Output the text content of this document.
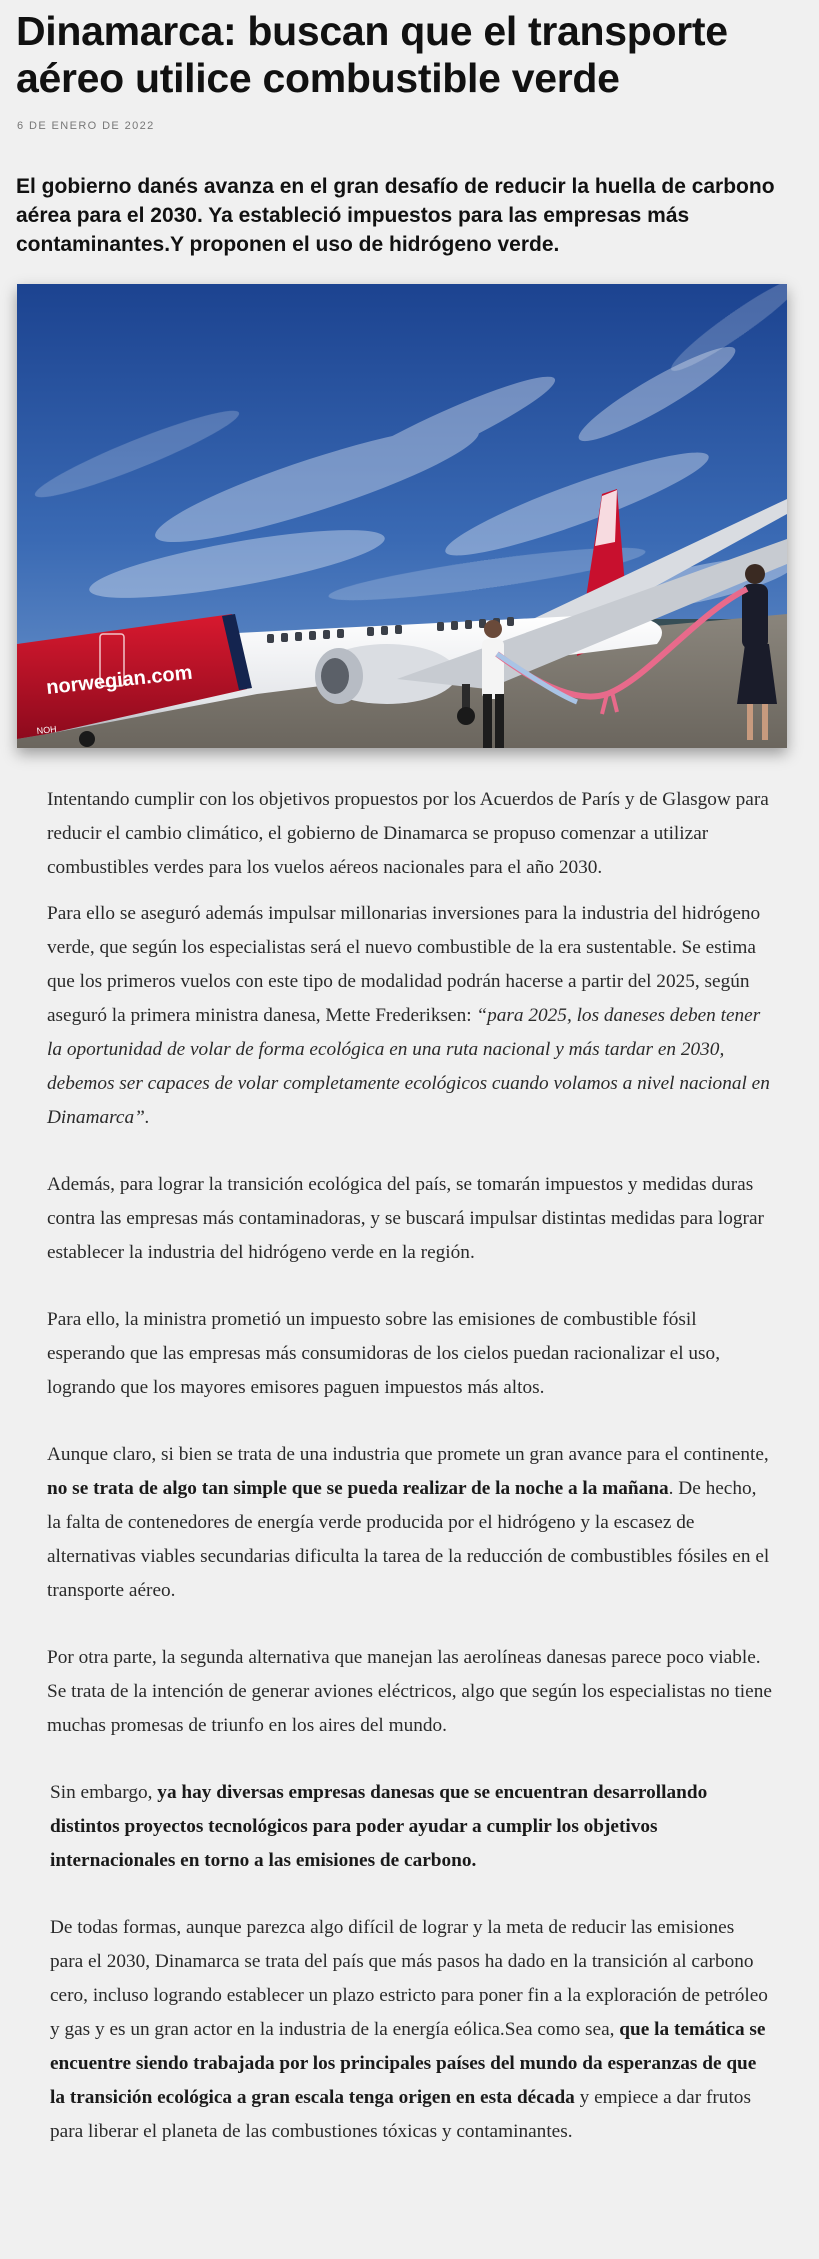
Dinamarca: buscan que el transporte aéreo utilice combustible verde
6 DE ENERO DE 2022

El gobierno danés avanza en el gran desafío de reducir la huella de carbono aérea para el 2030. Ya estableció impuestos para las empresas más contaminantes.Y proponen el uso de hidrógeno verde.

norwegian.com
NOH

Intentando cumplir con los objetivos propuestos por los Acuerdos de París y de Glasgow para reducir el cambio climático, el gobierno de Dinamarca se propuso comenzar a utilizar combustibles verdes para los vuelos aéreos nacionales para el año 2030.

Para ello se aseguró además impulsar millonarias inversiones para la industria del hidrógeno verde, que según los especialistas será el nuevo combustible de la era sustentable. Se estima que los primeros vuelos con este tipo de modalidad podrán hacerse a partir del 2025, según aseguró la primera ministra danesa, Mette Frederiksen: “para 2025, los daneses deben tener la oportunidad de volar de forma ecológica en una ruta nacional y más tardar en 2030, debemos ser capaces de volar completamente ecológicos cuando volamos a nivel nacional en Dinamarca”.

Además, para lograr la transición ecológica del país, se tomarán impuestos y medidas duras contra las empresas más contaminadoras, y se buscará impulsar distintas medidas para lograr establecer la industria del hidrógeno verde en la región.

Para ello, la ministra prometió un impuesto sobre las emisiones de combustible fósil esperando que las empresas más consumidoras de los cielos puedan racionalizar el uso, logrando que los mayores emisores paguen impuestos más altos.

Aunque claro, si bien se trata de una industria que promete un gran avance para el continente, no se trata de algo tan simple que se pueda realizar de la noche a la mañana. De hecho, la falta de contenedores de energía verde producida por el hidrógeno y la escasez de alternativas viables secundarias dificulta la tarea de la reducción de combustibles fósiles en el transporte aéreo.

Por otra parte, la segunda alternativa que manejan las aerolíneas danesas parece poco viable. Se trata de la intención de generar aviones eléctricos, algo que según los especialistas no tiene muchas promesas de triunfo en los aires del mundo.

Sin embargo, ya hay diversas empresas danesas que se encuentran desarrollando distintos proyectos tecnológicos para poder ayudar a cumplir los objetivos internacionales en torno a las emisiones de carbono.

De todas formas, aunque parezca algo difícil de lograr y la meta de reducir las emisiones para el 2030, Dinamarca se trata del país que más pasos ha dado en la transición al carbono cero, incluso logrando establecer un plazo estricto para poner fin a la exploración de petróleo y gas y es un gran actor en la industria de la energía eólica.Sea como sea, que la temática se encuentre siendo trabajada por los principales países del mundo da esperanzas de que la transición ecológica a gran escala tenga origen en esta década y empiece a dar frutos para liberar el planeta de las combustiones tóxicas y contaminantes.
